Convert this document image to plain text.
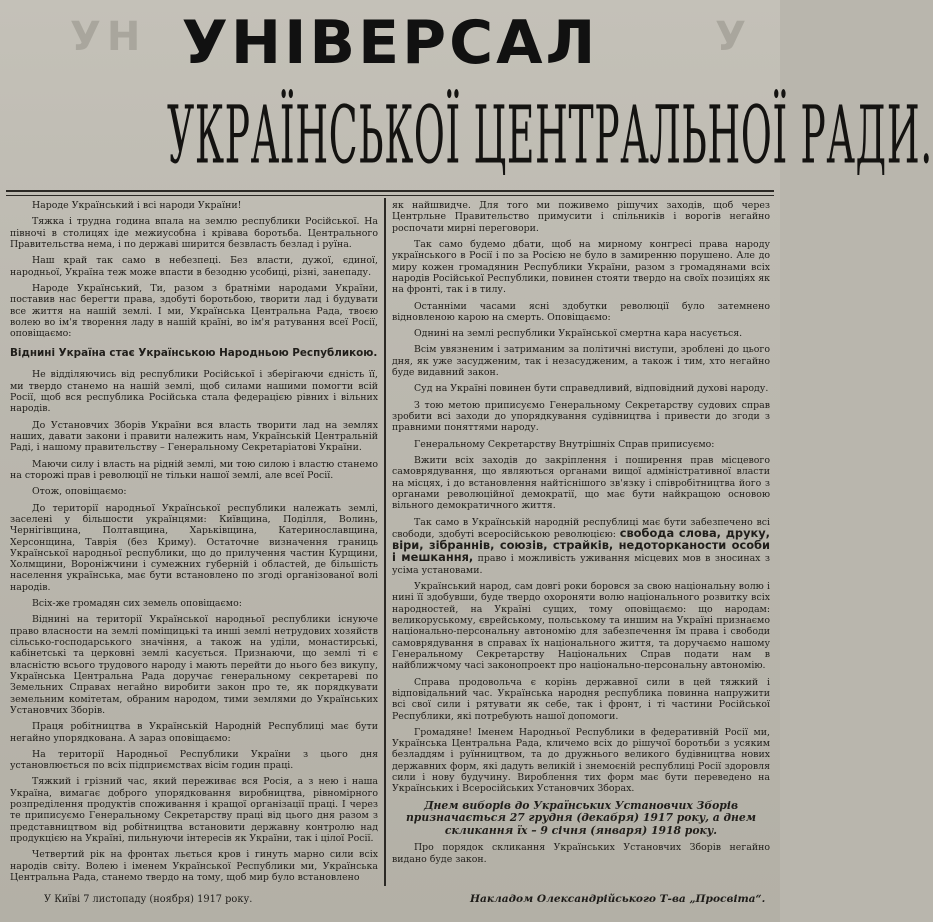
УН	У
УНІВЕРСАЛ
УКРАЇНСЬКОЇ ЦЕНТРАЛЬНОЇ РАДИ.

Народе Український і всі народи України!

Тяжка і трудна година впала на землю республики Російської. На півночі в столицях іде межиусобна і крівава боротьба. Центрального Правительства нема, і по державі ширится безвласть безлад і руїна.

Наш край так само в небезпеці. Без власти, дужої, єдиної, народньої, Україна теж може впасти в безодню усобиці, різні, занепаду.

Народе Український, Ти, разом з братніми народами України, поставив нас берегти права, здобуті боротьбою, творити лад і будувати все життя на нашій землі. І ми, Українська Центральна Рада, твоєю волею во ім'я творення ладу в нашій країні, во ім'я ратування всеї Росії, оповіщаємо:

Віднині Україна стає Українською Народньою Республикою.

Не відділяючись від республики Російської і зберігаючи єдність її, ми твердо станемо на нашій землі, щоб силами нашими помогти всій Росії, щоб вся республика Російська стала федерацією рівних і вільних народів.

До Установчих Зборів України вся власть творити лад на землях наших, давати закони і правити належить нам, Українській Центральній Раді, і нашому правительству – Генеральному Секретаріатові України.

Маючи силу і власть на рідній землі, ми тою силою і властю станемо на сторожі прав і революції не тільки нашої землі, але всеї Росії.

Отож, оповіщаємо:

До території народньої Української республики належать землі, заселені у більшости українцями: Київщина, Поділля, Волинь, Чернігівщина, Полтавщина, Харьківщина, Катеринославщина, Херсонщина, Таврія (без Криму). Остаточне визначення границь Української народньої республики, що до прилучення частин Курщини, Холмщини, Вороніжчини і сумежних губерній і областей, де більшість населення українська, має бути встановлено по згоді організованої волі народів.

Всіх-же громадян сих земель оповіщаємо:

Віднині на території Української народньої республики існуюче право власности на землі поміщицькі та инші землі нетрудових хозяйств сільсько-господарського значіння, а також на уділи, монастирські, кабінетські та церковні землі касується. Признаючи, що землі ті є власністю всього трудового народу і мають перейти до нього без викупу, Українська Центральна Рада доручає генеральному секретареві по Земельних Справах негайно виробити закон про те, як порядкувати земельним комітетам, обраним народом, тими землями до Українських Установчих Зборів.

Праця робітництва в Українській Народній Республиці має бути негайно упорядкована. А зараз оповіщаємо:

На території Народньої Республики України з цього дня установлюється по всіх підприємствах вісім годин праці.

Тяжкий і грізний час, який переживає вся Росія, а з нею і наша Україна, вимагає доброго упорядковання виробництва, рівномірного розпреділення продуктів споживання і кращої організації праці. І через те приписуємо Генеральному Секретарству праці від цього дня разом з представництвом від робітництва встановити державну контролю над продукцією на Україні, пильнуючи інтересів як України, так і цілої Росії.

Четвертий рік на фронтах льється кров і гинуть марно сили всіх народів світу. Волею і іменем Української Республики ми, Українська Центральна Рада, станемо твердо на тому, щоб мир було встановлено

як найшвидче. Для того ми поживемо рішучих заходів, щоб через Центрльне Правительство примусити і спільників і ворогів негайно роспочати мирні переговори.

Так само будемо дбати, щоб на мирному конгресі права народу українського в Росії і по за Росією не було в замиренню порушено. Але до миру кожен громадянин Республики України, разом з громадянами всіх народів Російської Республики, повинен стояти твердо на своїх позиціях як на фронті, так і в тилу.

Останніми часами ясні здобутки революції було затемнено відновленою карою на смерть. Оповіщаємо:

Однині на землі республики Української смертна кара насується.

Всім увязненим і затриманим за політичні виступи, зроблені до цього дня, як уже засудженим, так і незасудженим, а також і тим, хто негайно буде видавний закон.

Суд на Україні повинен бути справедливий, відповідний духові народу.

З тою метою приписуємо Генеральному Секретарству судових справ зробити всі заходи до упорядкування судівництва і привести до згоди з правними поняттями народу.

Генеральному Секретарству Внутрішніх Справ приписуємо:

Вжити всіх заходів до закріплення і поширення прав місцевого самоврядування, що являються органами вищої адміністративної власти на місцях, і до встановлення найтіснішого зв'язку і співробітництва його з органами революційної демократії, що має бути найкращою основою вільного демократичного життя.

Так само в Українській народній республиці має бути забезпечено всі свободи, здобуті всеросійською революцією: свобода слова, друку, віри, зібраннів, союзів, страйків, недоторканости особи і мешкання, право і можливість уживання місцевих мов в зносинах з усіма установами.

Український народ, сам довгі роки боровся за свою національну волю і нині її здобувши, буде твердо охороняти волю національного розвитку всіх народностей, на Україні сущих, тому оповіщаємо: що народам: великоруському, єврейському, польському та иншим на Україні признаємо національно-персональну автономію для забезпечення їм права і свободи самоврядування в справах їх національного життя, та доручаємо нашому Генеральному Секретарству Національних Справ подати нам в найближчому часі законопроект про національно-персональну автономію.

Справа продовольча є корінь державної сили в цей тяжкий і відповідальний час. Українська народня республика повинна напружити всі свої сили і рятувати як себе, так і фронт, і ті частини Російської Республики, які потребують нашої допомоги.

Громадяне! Іменем Народньої Республики в федеративній Росії ми, Українська Центральна Рада, кличемо всіх до рішучої боротьби з усяким безладдям і руїнництвом, та до дружнього великого будівництва нових державних форм, які дадуть великій і знемоєній республиці Росії здоровля сили і нову будучину. Вироблення тих форм має бути переведено на Українських і Всеросійських Установчих Зборах.

Днем виборів до Українських Установчих Зборів призначається 27 грудня (декабря) 1917 року, а днем скликання їх – 9 січня (января) 1918 року.

Про порядок скликання Українських Установчих Зборів негайно видано буде закон.

У Київі 7 листопаду (ноября) 1917 року.	Накладом Олександрійського Т-ва „Просвіта“.
